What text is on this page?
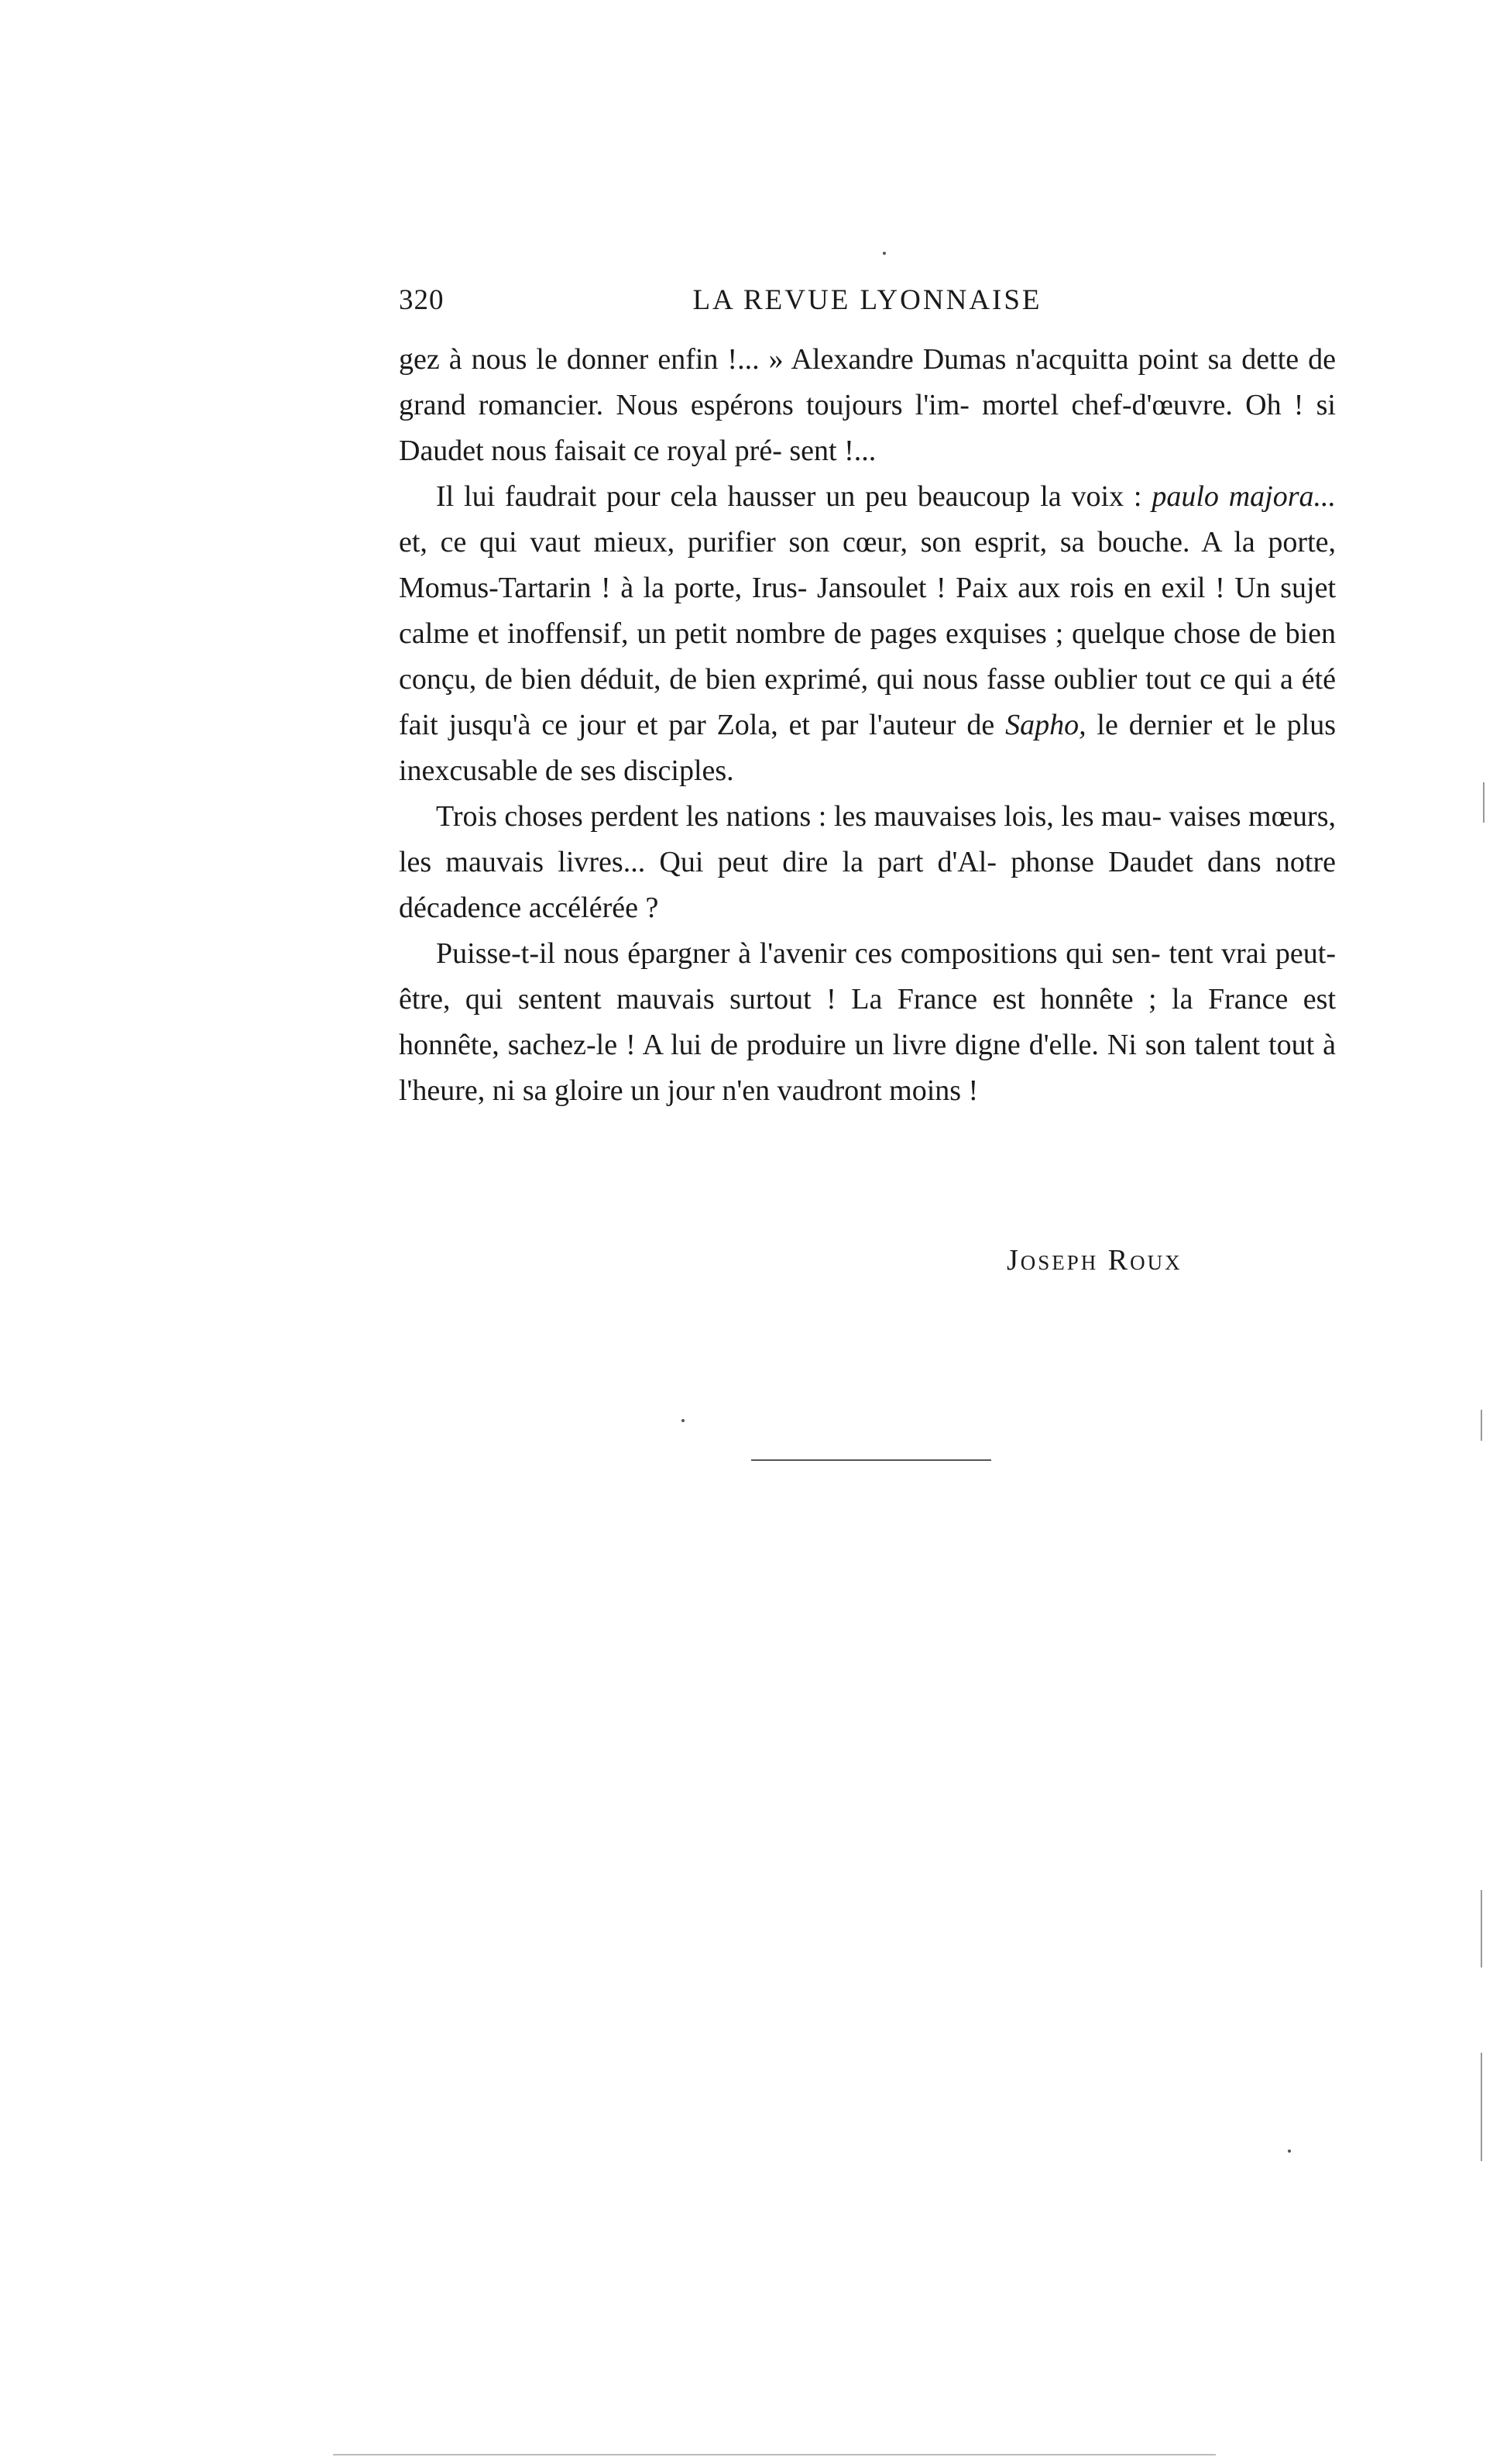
320	LA REVUE LYONNAISE

gez à nous le donner enfin !... » Alexandre Dumas n'acquitta point sa dette de grand romancier. Nous espérons toujours l'im- mortel chef-d'œuvre. Oh ! si Daudet nous faisait ce royal pré- sent !...

Il lui faudrait pour cela hausser un peu beaucoup la voix : paulo majora... et, ce qui vaut mieux, purifier son cœur, son esprit, sa bouche. A la porte, Momus-Tartarin ! à la porte, Irus- Jansoulet ! Paix aux rois en exil ! Un sujet calme et inoffensif, un petit nombre de pages exquises ; quelque chose de bien conçu, de bien déduit, de bien exprimé, qui nous fasse oublier tout ce qui a été fait jusqu'à ce jour et par Zola, et par l'auteur de Sapho, le dernier et le plus inexcusable de ses disciples.

Trois choses perdent les nations : les mauvaises lois, les mau- vaises mœurs, les mauvais livres... Qui peut dire la part d'Al- phonse Daudet dans notre décadence accélérée ?

Puisse-t-il nous épargner à l'avenir ces compositions qui sen- tent vrai peut-être, qui sentent mauvais surtout ! La France est honnête ; la France est honnête, sachez-le ! A lui de produire un livre digne d'elle. Ni son talent tout à l'heure, ni sa gloire un jour n'en vaudront moins !

Joseph Roux
